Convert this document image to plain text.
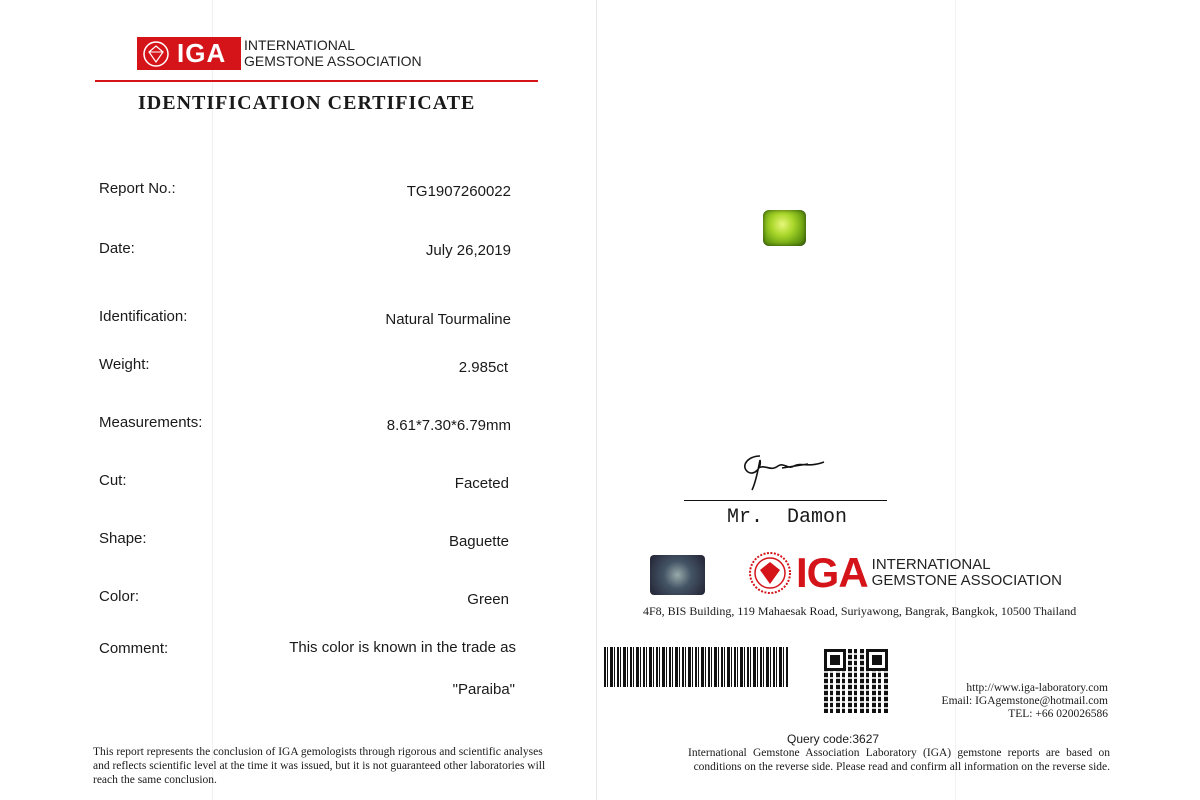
IGA INTERNATIONAL
GEMSTONE ASSOCIATION
IDENTIFICATION CERTIFICATE
Report No.:	TG1907260022
Date:	July 26,2019
Identification:	Natural Tourmaline
Weight:	2.985ct
Measurements:	8.61*7.30*6.79mm
Cut:	Faceted
Shape:	Baguette
Color:	Green
Comment:	This color is known in the trade as
"Paraiba"
This report represents the conclusion of IGA gemologists through rigorous and scientific analyses and reflects scientific level at the time it was issued, but it is not guaranteed other laboratories will reach the same conclusion.
Mr.  Damon
IGA INTERNATIONAL
GEMSTONE ASSOCIATION
4F8, BIS Building, 119 Mahaesak Road, Suriyawong, Bangrak, Bangkok, 10500 Thailand
http://www.iga-laboratory.com
Email: IGAgemstone@hotmail.com
TEL: +66 020026586
Query code:3627
International Gemstone Association Laboratory (IGA) gemstone reports are based on conditions on the reverse side. Please read and confirm all information on the reverse side.
